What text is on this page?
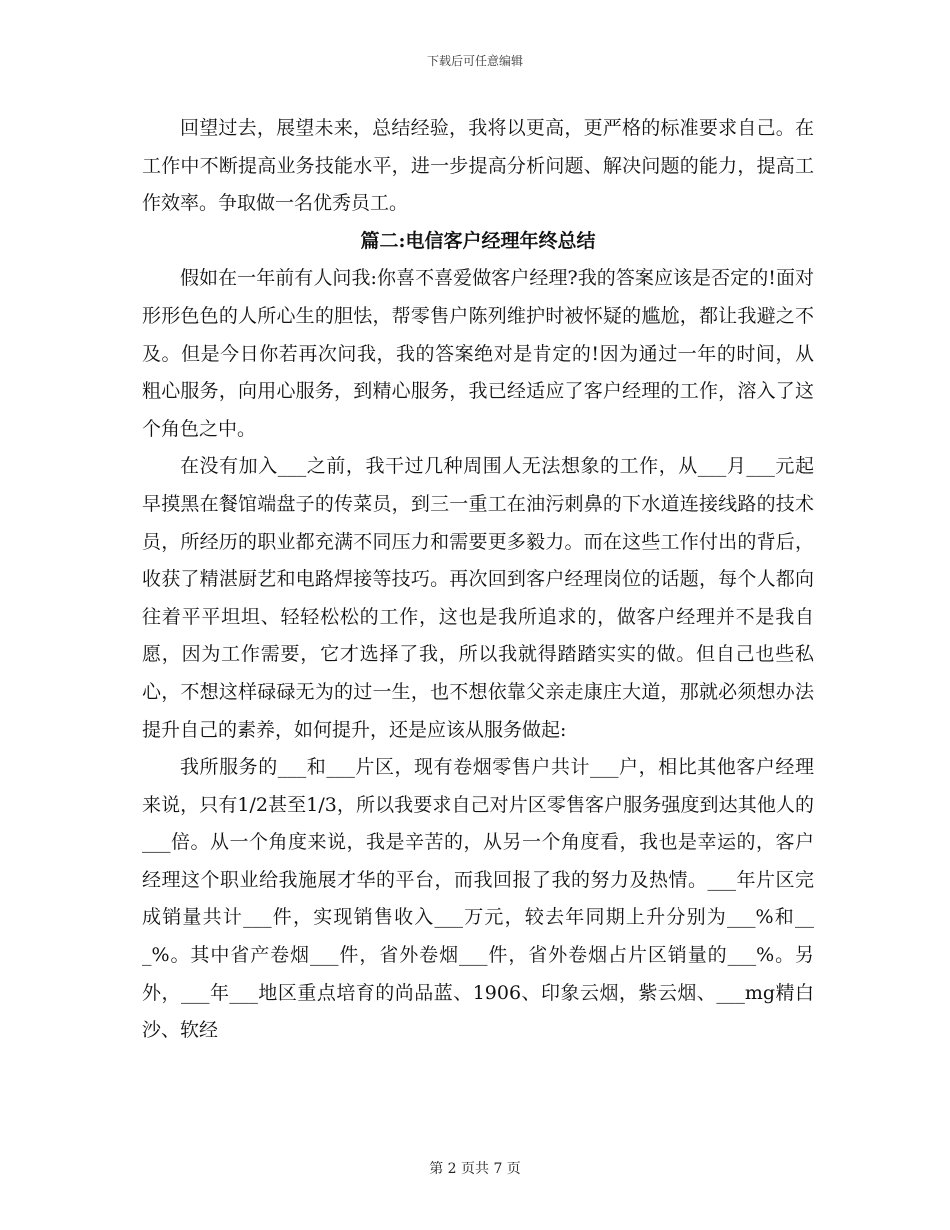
下载后可任意编辑

回望过去，展望未来，总结经验，我将以更高，更严格的标准要求自己。在工作中不断提高业务技能水平，进一步提高分析问题、解决问题的能力，提高工作效率。争取做一名优秀员工。

篇二:电信客户经理年终总结

假如在一年前有人问我:你喜不喜爱做客户经理?我的答案应该是否定的!面对形形色色的人所心生的胆怯，帮零售户陈列维护时被怀疑的尴尬，都让我避之不及。但是今日你若再次问我，我的答案绝对是肯定的!因为通过一年的时间，从粗心服务，向用心服务，到精心服务，我已经适应了客户经理的工作，溶入了这个角色之中。

在没有加入___之前，我干过几种周围人无法想象的工作，从___月___元起早摸黑在餐馆端盘子的传菜员，到三一重工在油污刺鼻的下水道连接线路的技术员，所经历的职业都充满不同压力和需要更多毅力。而在这些工作付出的背后，收获了精湛厨艺和电路焊接等技巧。再次回到客户经理岗位的话题，每个人都向往着平平坦坦、轻轻松松的工作，这也是我所追求的，做客户经理并不是我自愿，因为工作需要，它才选择了我，所以我就得踏踏实实的做。但自己也些私心，不想这样碌碌无为的过一生，也不想依靠父亲走康庄大道，那就必须想办法提升自己的素养，如何提升，还是应该从服务做起:

我所服务的___和___片区，现有卷烟零售户共计___户，相比其他客户经理来说，只有1/2甚至1/3，所以我要求自己对片区零售客户服务强度到达其他人的___倍。从一个角度来说，我是辛苦的，从另一个角度看，我也是幸运的，客户经理这个职业给我施展才华的平台，而我回报了我的努力及热情。___年片区完成销量共计___件，实现销售收入___万元，较去年同期上升分别为___%和___%。其中省产卷烟___件，省外卷烟___件，省外卷烟占片区销量的___%。另外，___年___地区重点培育的尚品蓝、1906、印象云烟，紫云烟、___mg精白沙、软经

第 2 页共 7 页
